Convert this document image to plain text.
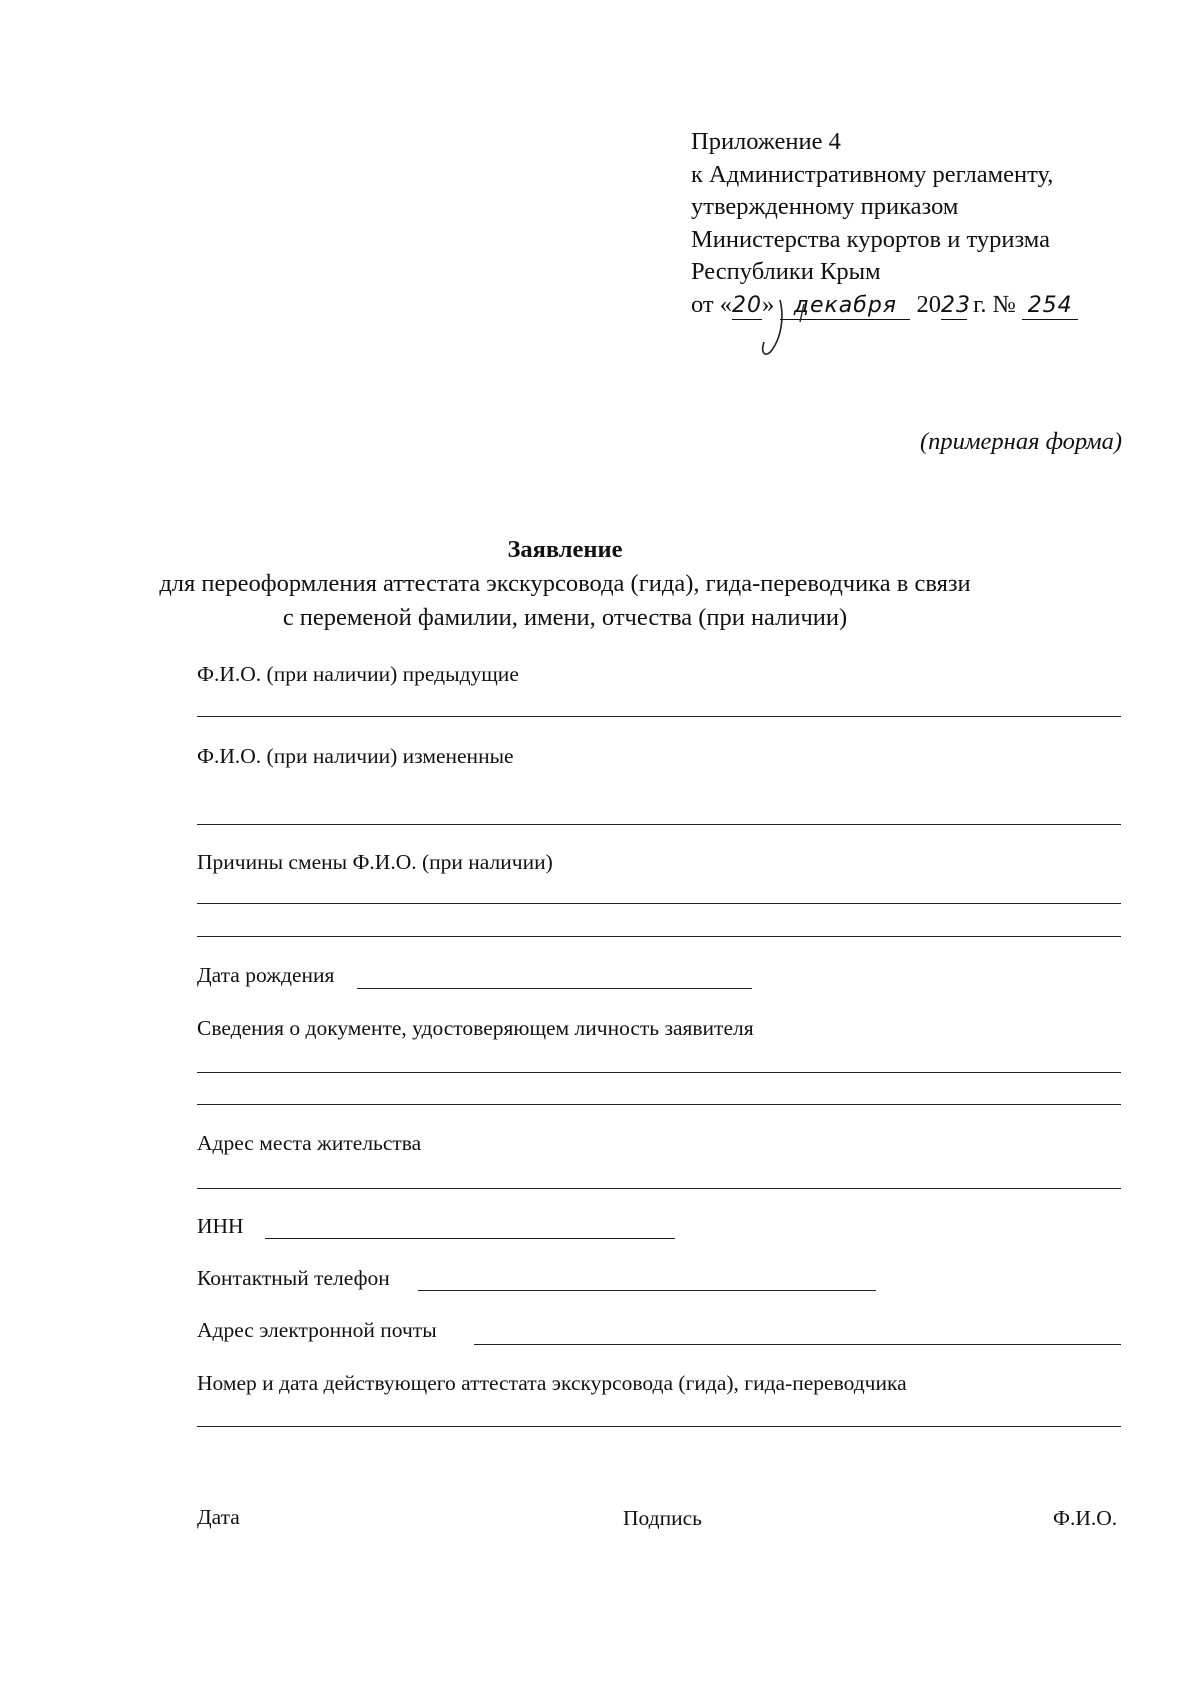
Приложение 4
к Административному регламенту,
утвержденному приказом
Министерства курортов и туризма
Республики Крым
от «20» декабря 2023 г. № 254
(примерная форма)
Заявление
для переоформления аттестата экскурсовода (гида), гида-переводчика в связи
с переменой фамилии, имени, отчества (при наличии)
Ф.И.О. (при наличии) предыдущие
Ф.И.О. (при наличии) измененные
Причины смены Ф.И.О. (при наличии)
Дата рождения
Сведения о документе, удостоверяющем личность заявителя
Адрес места жительства
ИНН
Контактный телефон
Адрес электронной почты
Номер и дата действующего аттестата экскурсовода (гида), гида-переводчика
Дата	Подпись	Ф.И.О.
